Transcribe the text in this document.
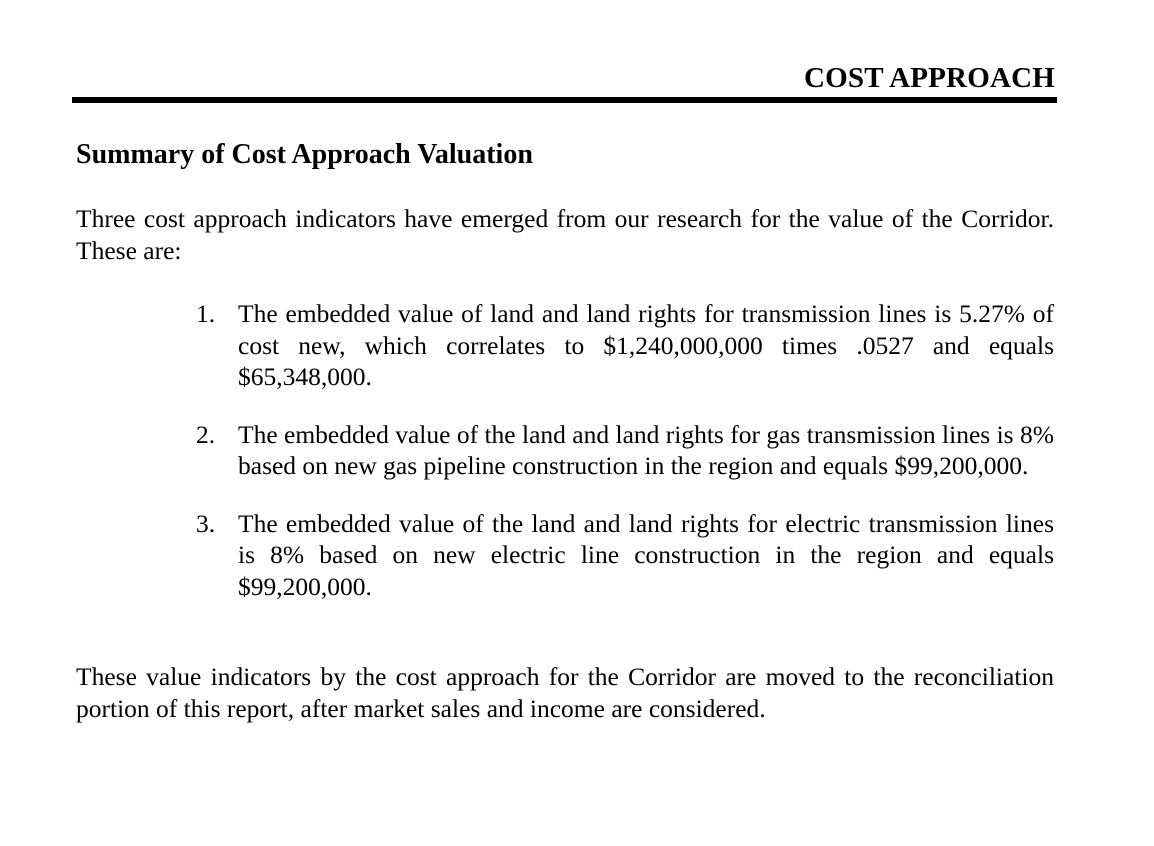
COST APPROACH
Summary of Cost Approach Valuation
Three cost approach indicators have emerged from our research for the value of the Corridor. These are:
1. The embedded value of land and land rights for transmission lines is 5.27% of cost new, which correlates to $1,240,000,000 times .0527 and equals $65,348,000.
2. The embedded value of the land and land rights for gas transmission lines is 8% based on new gas pipeline construction in the region and equals $99,200,000.
3. The embedded value of the land and land rights for electric transmission lines is 8% based on new electric line construction in the region and equals $99,200,000.
These value indicators by the cost approach for the Corridor are moved to the reconciliation portion of this report, after market sales and income are considered.
